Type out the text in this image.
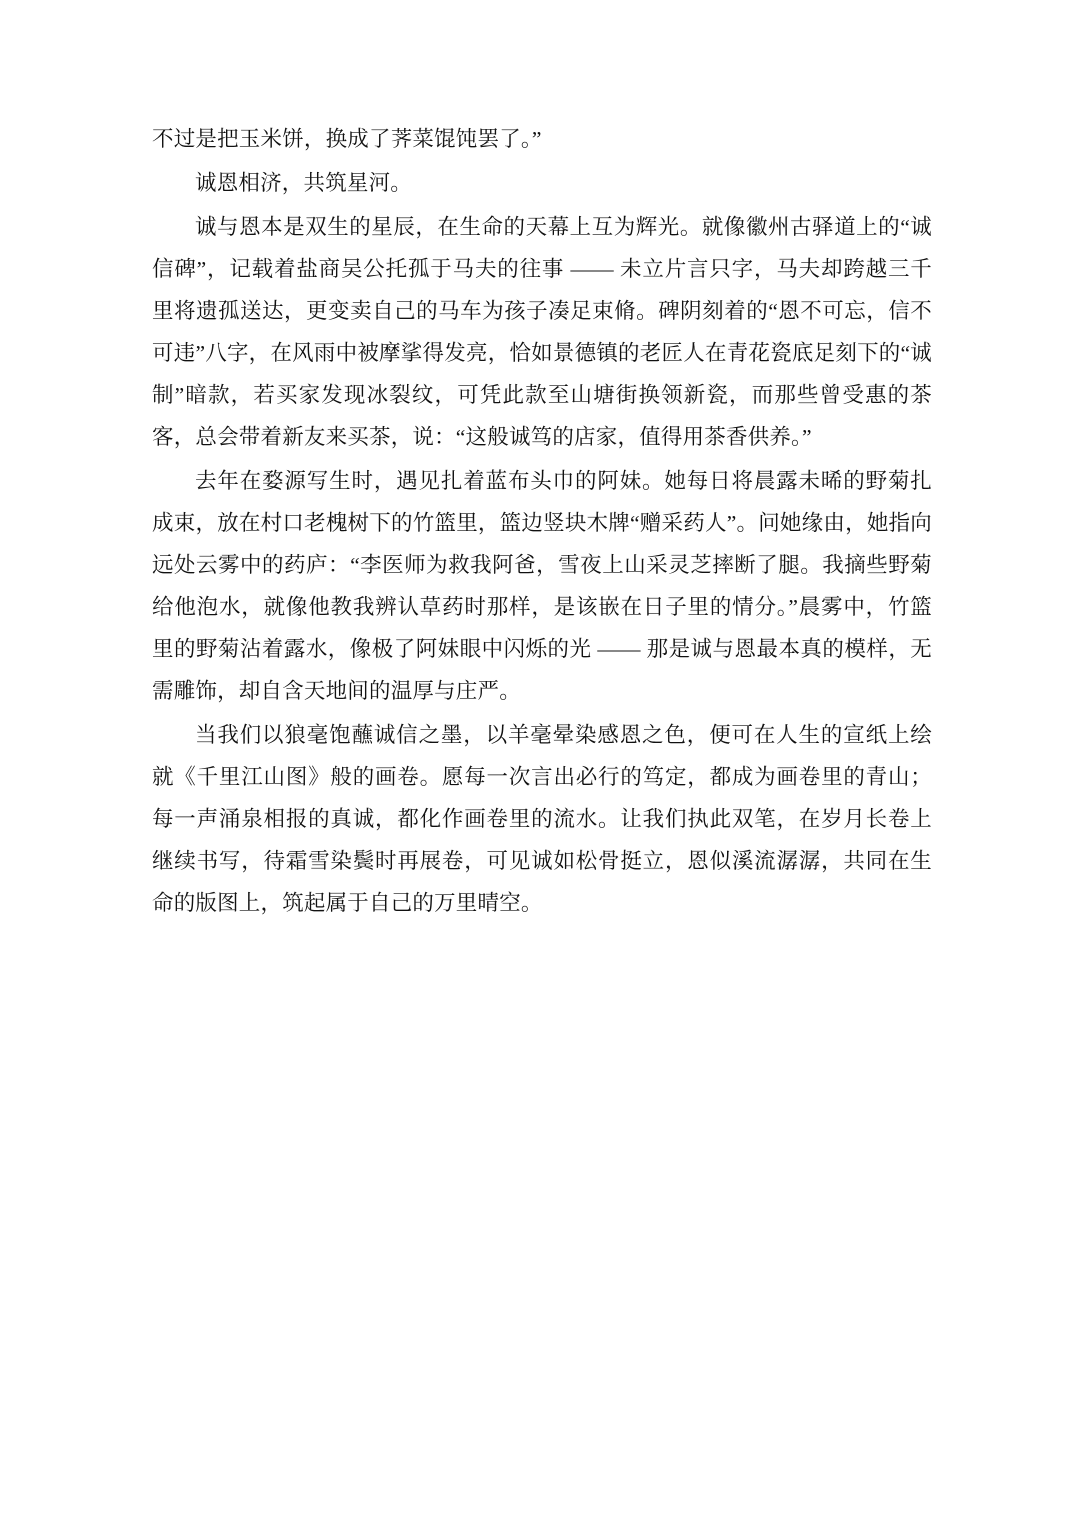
不过是把玉米饼，换成了荠菜馄饨罢了。”

诚恩相济，共筑星河。

诚与恩本是双生的星辰，在生命的天幕上互为辉光。就像徽州古驿道上的“诚信碑”，记载着盐商吴公托孤于马夫的往事 —— 未立片言只字，马夫却跨越三千里将遗孤送达，更变卖自己的马车为孩子凑足束脩。碑阴刻着的“恩不可忘，信不可违”八字，在风雨中被摩挲得发亮，恰如景德镇的老匠人在青花瓷底足刻下的“诚制”暗款，若买家发现冰裂纹，可凭此款至山塘街换领新瓷，而那些曾受惠的茶客，总会带着新友来买茶，说：“这般诚笃的店家，值得用茶香供养。”

去年在婺源写生时，遇见扎着蓝布头巾的阿妹。她每日将晨露未晞的野菊扎成束，放在村口老槐树下的竹篮里，篮边竖块木牌“赠采药人”。问她缘由，她指向远处云雾中的药庐：“李医师为救我阿爸，雪夜上山采灵芝摔断了腿。我摘些野菊给他泡水，就像他教我辨认草药时那样，是该嵌在日子里的情分。”晨雾中，竹篮里的野菊沾着露水，像极了阿妹眼中闪烁的光 —— 那是诚与恩最本真的模样，无需雕饰，却自含天地间的温厚与庄严。

当我们以狼毫饱蘸诚信之墨，以羊毫晕染感恩之色，便可在人生的宣纸上绘就《千里江山图》般的画卷。愿每一次言出必行的笃定，都成为画卷里的青山；每一声涌泉相报的真诚，都化作画卷里的流水。让我们执此双笔，在岁月长卷上继续书写，待霜雪染鬓时再展卷，可见诚如松骨挺立，恩似溪流潺潺，共同在生命的版图上，筑起属于自己的万里晴空。
